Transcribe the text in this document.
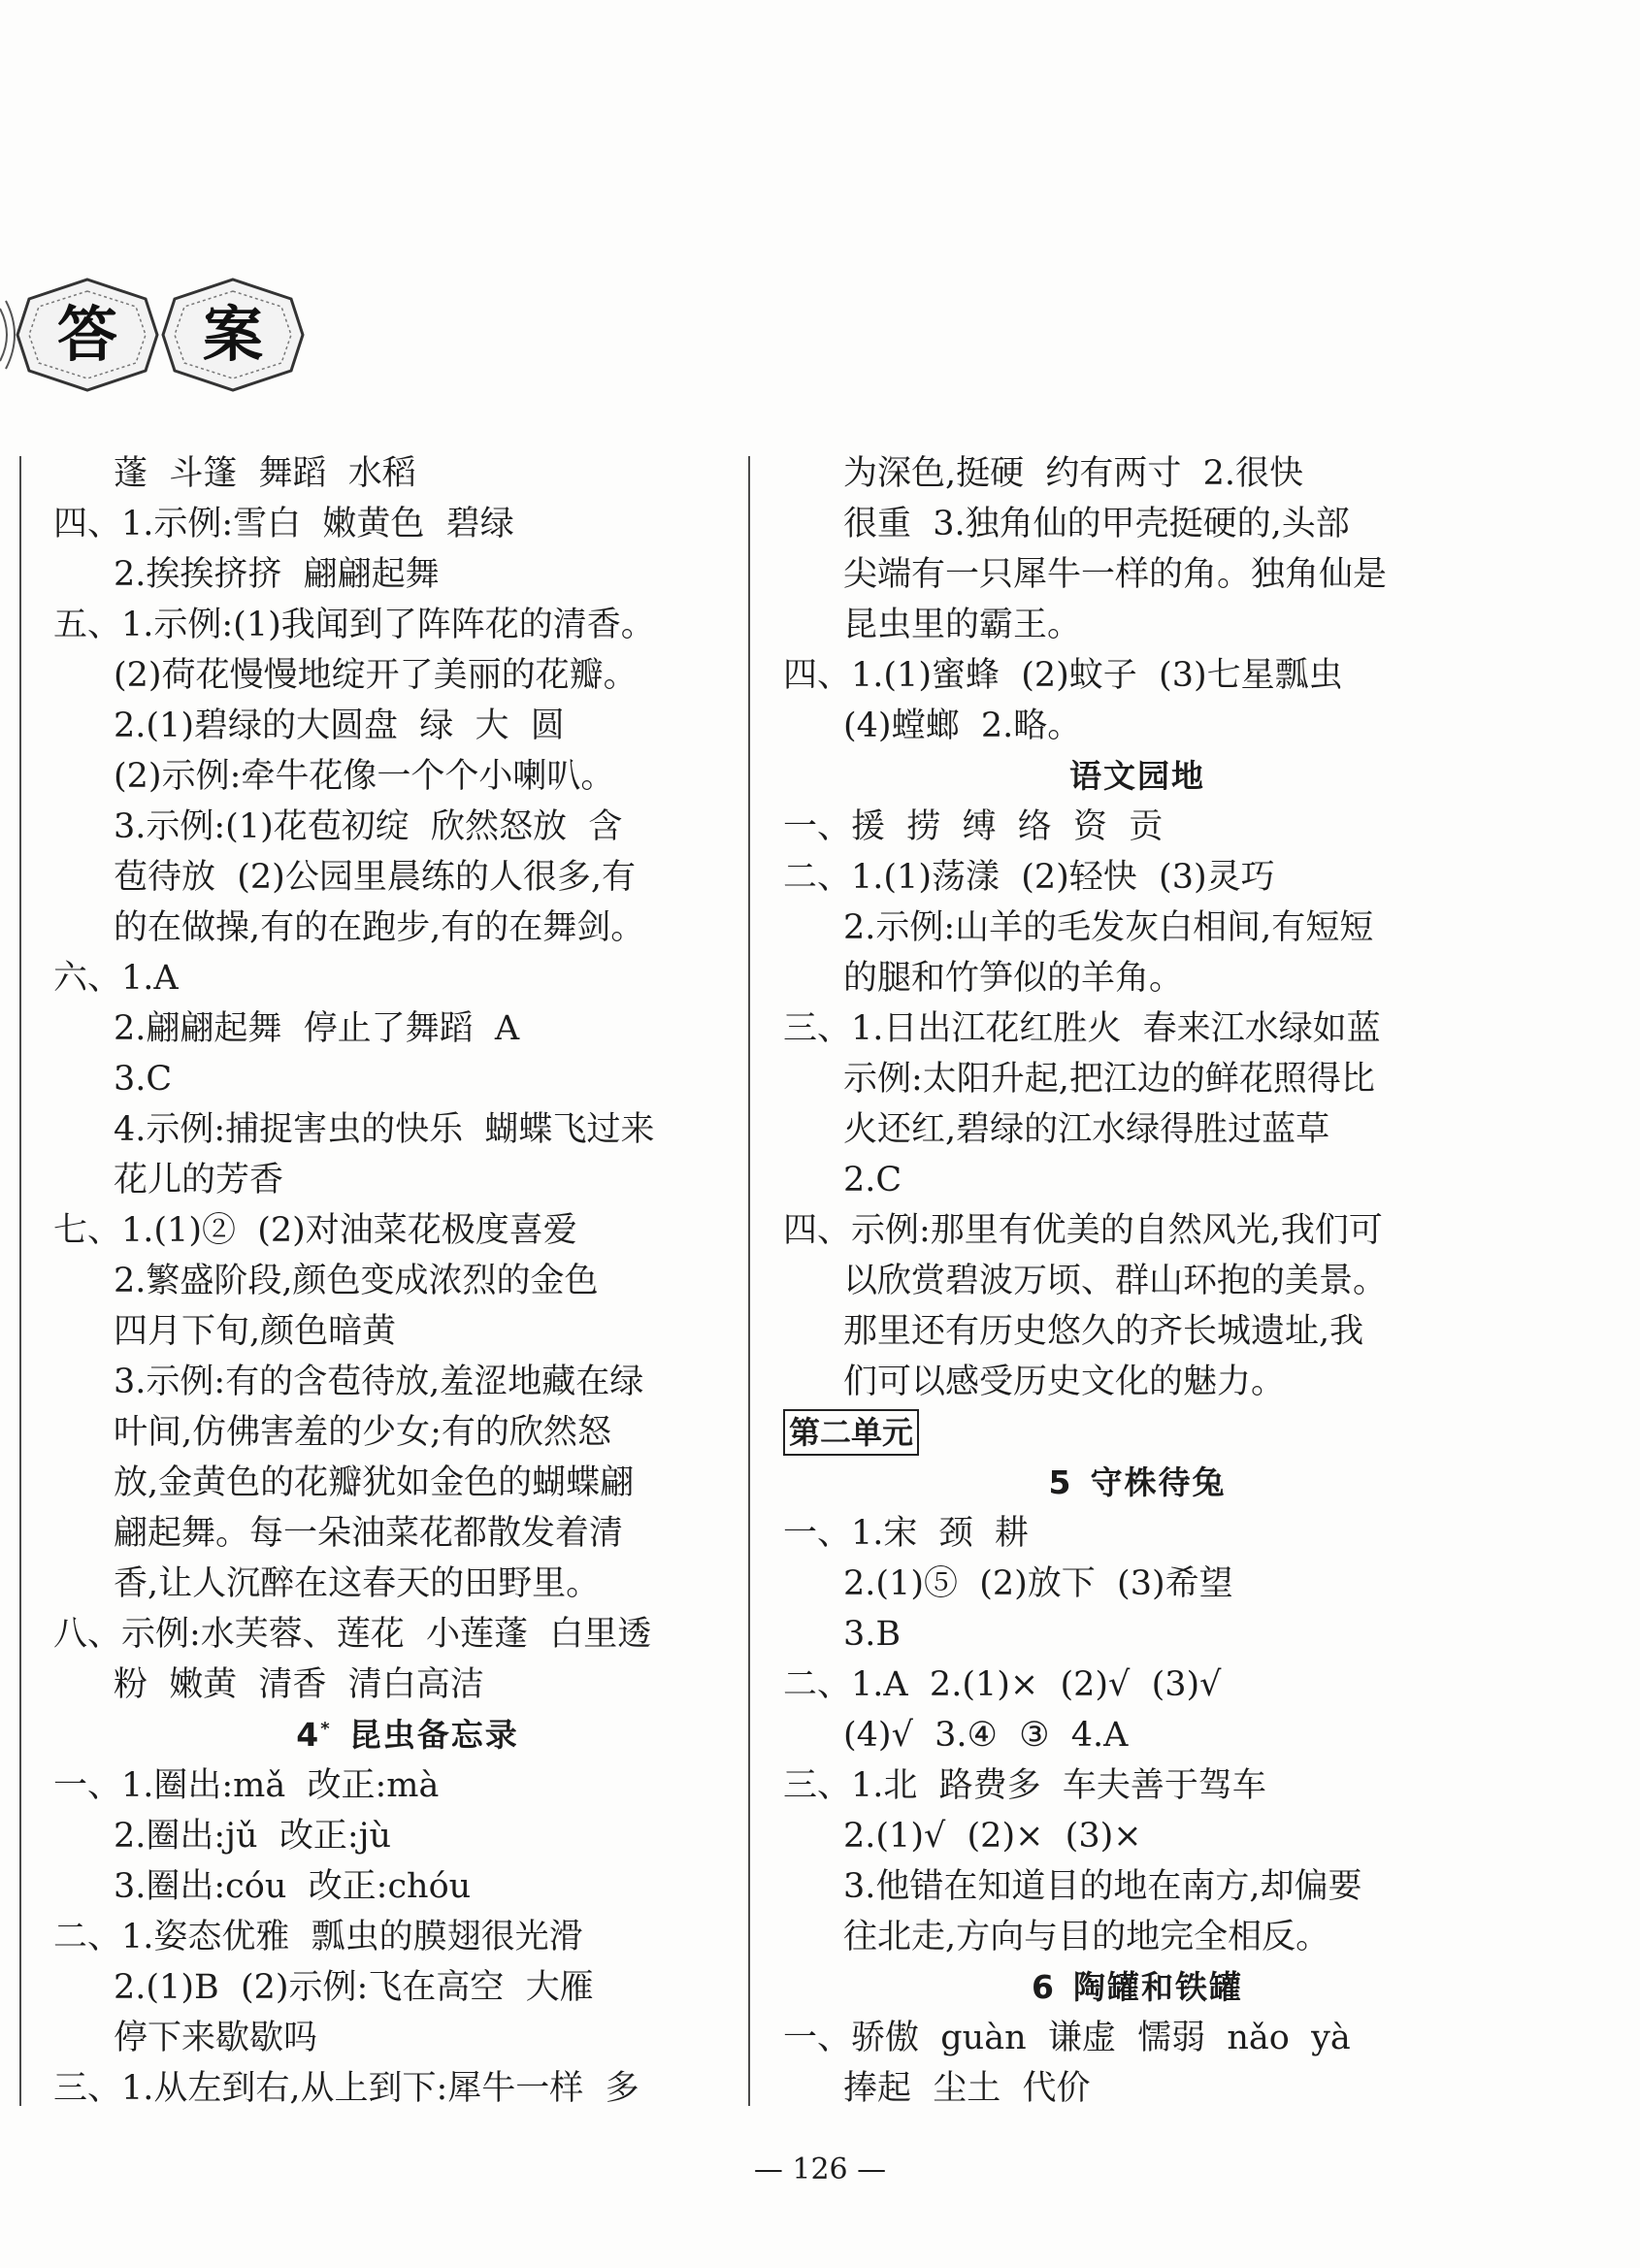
答 案
蓬  斗篷  舞蹈  水稻
四、1.示例:雪白  嫩黄色  碧绿
2.挨挨挤挤  翩翩起舞
五、1.示例:(1)我闻到了阵阵花的清香。
(2)荷花慢慢地绽开了美丽的花瓣。
2.(1)碧绿的大圆盘  绿  大  圆
(2)示例:牵牛花像一个个小喇叭。
3.示例:(1)花苞初绽  欣然怒放  含
苞待放  (2)公园里晨练的人很多,有
的在做操,有的在跑步,有的在舞剑。
六、1.A
2.翩翩起舞  停止了舞蹈  A
3.C
4.示例:捕捉害虫的快乐  蝴蝶飞过来
花儿的芳香
七、1.(1)②  (2)对油菜花极度喜爱
2.繁盛阶段,颜色变成浓烈的金色
四月下旬,颜色暗黄
3.示例:有的含苞待放,羞涩地藏在绿
叶间,仿佛害羞的少女;有的欣然怒
放,金黄色的花瓣犹如金色的蝴蝶翩
翩起舞。每一朵油菜花都散发着清
香,让人沉醉在这春天的田野里。
八、示例:水芙蓉、莲花  小莲蓬  白里透
粉  嫩黄  清香  清白高洁
4* 昆虫备忘录
一、1.圈出:mǎ  改正:mà
2.圈出:jǔ  改正:jù
3.圈出:cóu  改正:chóu
二、1.姿态优雅  瓢虫的膜翅很光滑
2.(1)B  (2)示例:飞在高空  大雁
停下来歇歇吗
三、1.从左到右,从上到下:犀牛一样  多
为深色,挺硬  约有两寸  2.很快
很重  3.独角仙的甲壳挺硬的,头部
尖端有一只犀牛一样的角。独角仙是
昆虫里的霸王。
四、1.(1)蜜蜂  (2)蚊子  (3)七星瓢虫
(4)螳螂  2.略。
语文园地
一、援  捞  缚  络  资  贡
二、1.(1)荡漾  (2)轻快  (3)灵巧
2.示例:山羊的毛发灰白相间,有短短
的腿和竹笋似的羊角。
三、1.日出江花红胜火  春来江水绿如蓝
示例:太阳升起,把江边的鲜花照得比
火还红,碧绿的江水绿得胜过蓝草
2.C
四、示例:那里有优美的自然风光,我们可
以欣赏碧波万顷、群山环抱的美景。
那里还有历史悠久的齐长城遗址,我
们可以感受历史文化的魅力。
第二单元
5 守株待兔
一、1.宋  颈  耕
2.(1)⑤  (2)放下  (3)希望
3.B
二、1.A  2.(1)×  (2)√  (3)√
(4)√  3.④  ③  4.A
三、1.北  路费多  车夫善于驾车
2.(1)√  (2)×  (3)×
3.他错在知道目的地在南方,却偏要
往北走,方向与目的地完全相反。
6 陶罐和铁罐
一、骄傲  guàn  谦虚  懦弱  nǎo  yà
捧起  尘土  代价
— 126 —
